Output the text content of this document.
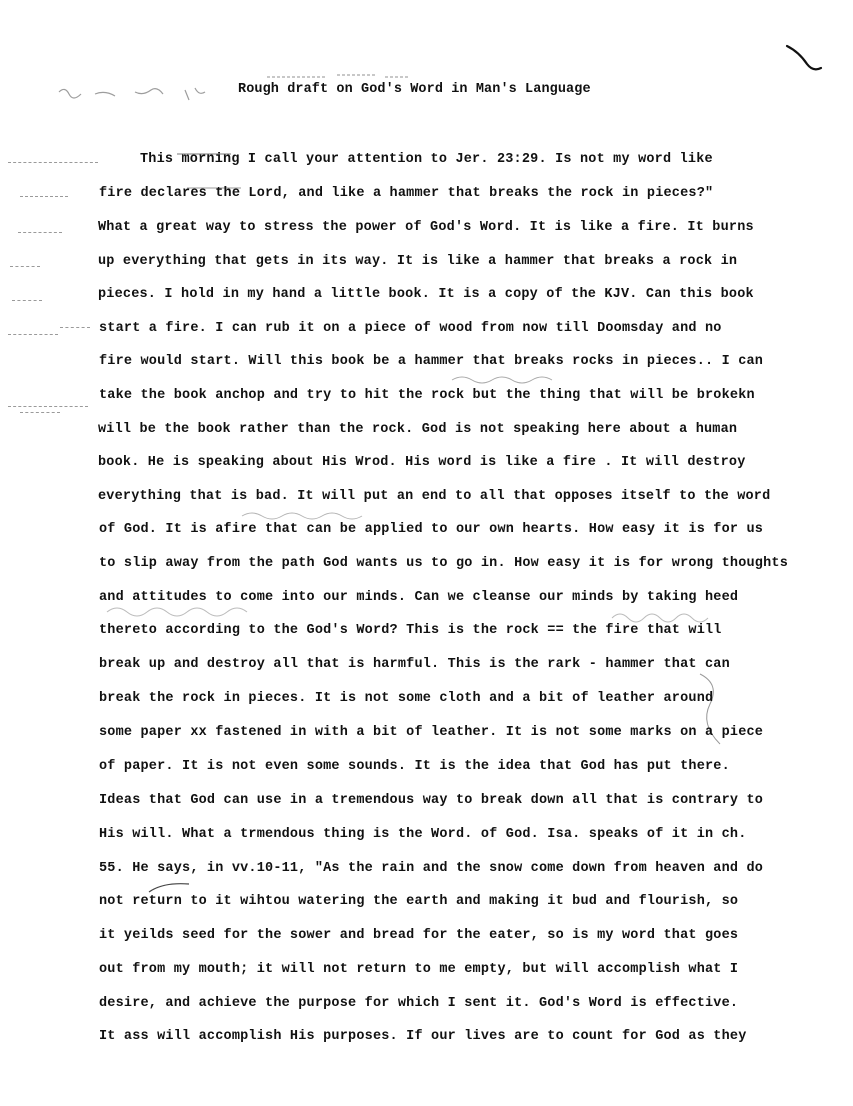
Rough draft on God's Word in Man's Language
This morning I call your attention to Jer. 23:29. Is not my word like
fire declares the Lord, and like a hammer that breaks the rock in pieces?"
What a great way to stress the power of God's Word. It is like a fire. It burns
up everything that gets in its way. It is like a hammer that breaks a rock in
pieces. I hold in my hand a little book. It is a copy of the KJV. Can this book
start a fire. I can rub it on a piece of wood from now till Doomsday and no
fire would start. Will this book be a hammer that breaks rocks in pieces.. I can
take the book anchop and try to hit the rock but the thing that will be brokekn
will be the book rather than the rock. God is not speaking here about a human
book. He is speaking about His Wrod. His word is like a fire . It will destroy
everything that is bad. It will put an end to all that opposes itself to the word
of God. It is afire that can be applied to our own hearts. How easy it is for us
to slip away from the path God wants us to go in. How easy it is for wrong thoughts
and attitudes to come into our minds. Can we cleanse our minds by taking heed
thereto according to the God's Word? This is the rock == the fire that will
break up and destroy all that is harmful. This is the rark - hammer that can
break the rock in pieces. It is not some cloth and a bit of leather around
some paper xx fastened in with a bit of leather. It is not some marks on a piece
of paper. It is not even some sounds. It is the idea that God has put there.
Ideas that God can use in a tremendous way to break down all that is contrary to
His will. What a trmendous thing is the Word. of God. Isa. speaks of it in ch.
55. He says, in vv.10-11, "As the rain and the snow come down from heaven and do
not return to it wihtou watering the earth and making it bud and flourish, so
it yeilds seed for the sower and bread for the eater, so is my word that goes
out from my mouth; it will not return to me empty, but will accomplish what I
desire, and achieve the purpose for which I sent it. God's Word is effective.
It ass will accomplish His purposes. If our lives are to count for God as they
